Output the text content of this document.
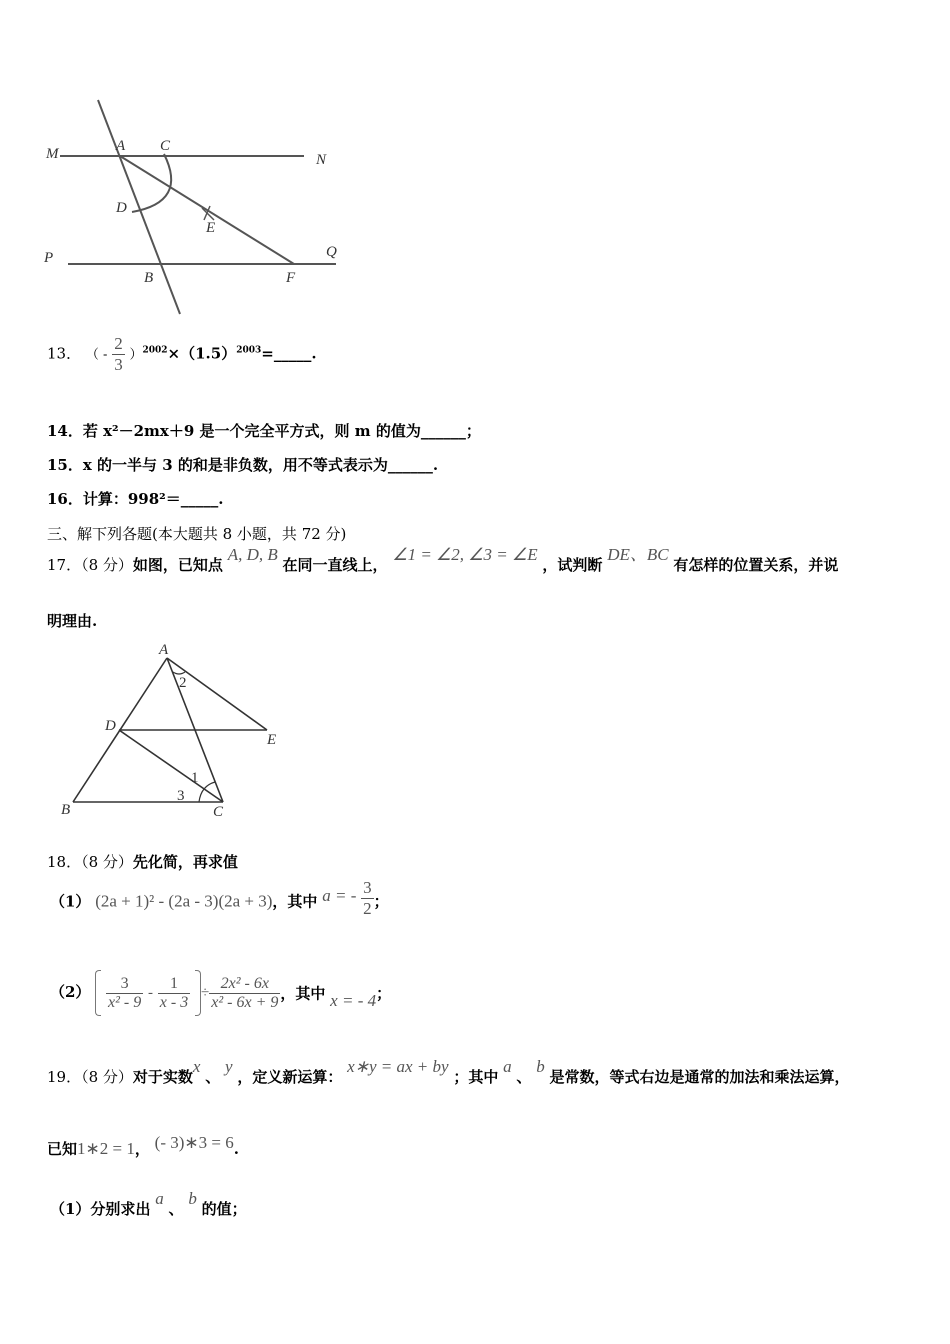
M	A C
N
D
E
P	Q
B	F
13． （ - $\frac{2}{3}$ ）$^{2002}\times(1.5)^{2003}=\_\_\_\_\_$.
14．若 x²－2mx＋9 是一个完全平方式，则 m 的值为______；
15．x 的一半与 3 的和是非负数，用不等式表示为______.
16．计算：998²＝_____.
三、解下列各题(本大题共 8 小题，共 72 分)
17．（8 分）如图，已知点 A, D, B 在同一直线上， ∠1 = ∠2, ∠3 = ∠E ，试判断 DE、BC 有怎样的位置关系，并说
明理由.
A
2
D
E
1
3
B	C
18．（8 分）先化简，再求值
（1） (2a + 1)² - (2a - 3)(2a + 3)，其中 a = - $\frac{3}{2}$ ；
$(2) \frac{3}{\text{x² - 9}} - \frac{1}{x - 3} \div \frac{\text{2x² - 6x}}{\text{x² - 6x + 9}}$ ，其中 x = - 4；
19．（8 分）对于实数x 、 y ，定义新运算： x∗y = ax + by ；其中 a 、 b 是常数，等式右边是通常的加法和乘法运算，
已知1∗2 = 1， (- 3)∗3 = 6.
（1）分别求出 a 、 b 的值；
